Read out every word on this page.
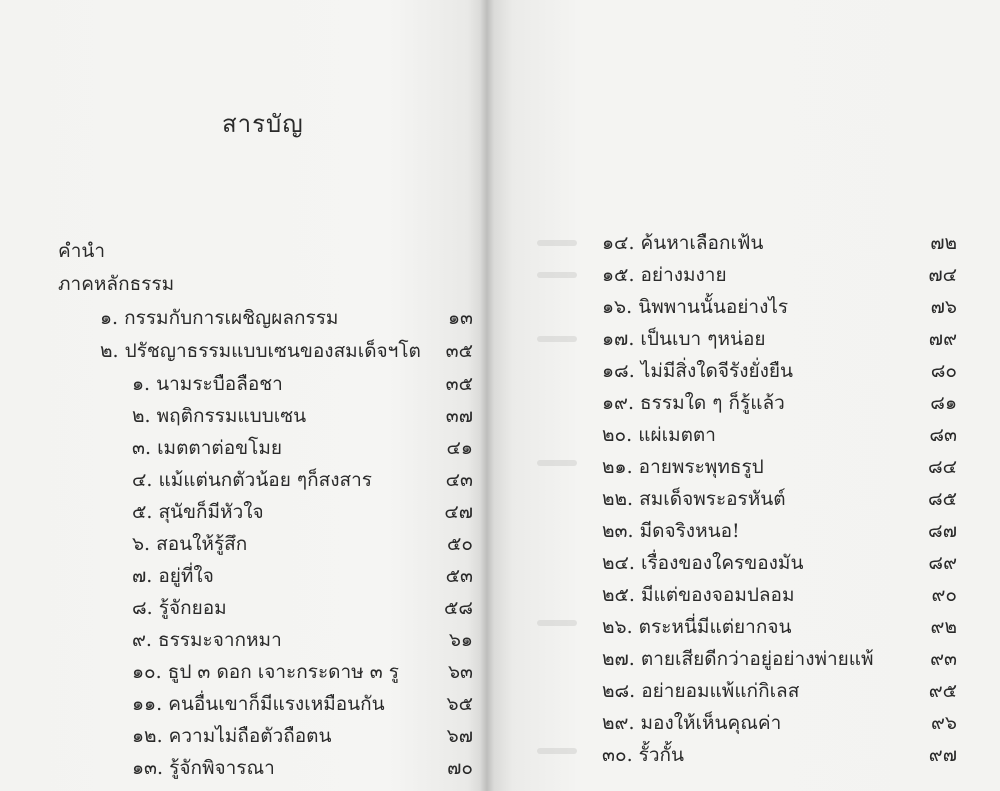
สารบัญ
คำนำ
ภาคหลักธรรม
๑. กรรมกับการเผชิญผลกรรม	๑๓
๒. ปรัชญาธรรมแบบเซนของสมเด็จฯโต ๓๕
๑. นามระบือลือชา	๓๕
๒. พฤติกรรมแบบเซน	๓๗
๓. เมตตาต่อขโมย	๔๑
๔. แม้แต่นกตัวน้อย ๆก็สงสาร	๔๓
๕. สุนัขก็มีหัวใจ	๔๗
๖. สอนให้รู้สึก	๕๐
๗. อยู่ที่ใจ	๕๓
๘. รู้จักยอม	๕๘
๙. ธรรมะจากหมา	๖๑
๑๐. ธูป ๓ ดอก เจาะกระดาษ ๓ รู	๖๓
๑๑. คนอื่นเขาก็มีแรงเหมือนกัน	๖๕
๑๒. ความไม่ถือตัวถือตน	๖๗
๑๓. รู้จักพิจารณา	๗๐
๑๔. ค้นหาเลือกเฟ้น	๗๒
๑๕. อย่างมงาย	๗๔
๑๖. นิพพานนั้นอย่างไร	๗๖
๑๗. เป็นเบา ๆหน่อย	๗๙
๑๘. ไม่มีสิ่งใดจีรังยั่งยืน	๘๐
๑๙. ธรรมใด ๆ ก็รู้แล้ว	๘๑
๒๐. แผ่เมตตา	๘๓
๒๑. อายพระพุทธรูป	๘๔
๒๒. สมเด็จพระอรหันต์	๘๕
๒๓. มีดจริงหนอ!	๘๗
๒๔. เรื่องของใครของมัน	๘๙
๒๕. มีแต่ของจอมปลอม	๙๐
๒๖. ตระหนี่มีแต่ยากจน	๙๒
๒๗. ตายเสียดีกว่าอยู่อย่างพ่ายแพ้	๙๓
๒๘. อย่ายอมแพ้แก่กิเลส	๙๕
๒๙. มองให้เห็นคุณค่า	๙๖
๓๐. รั้วกั้น	๙๗
